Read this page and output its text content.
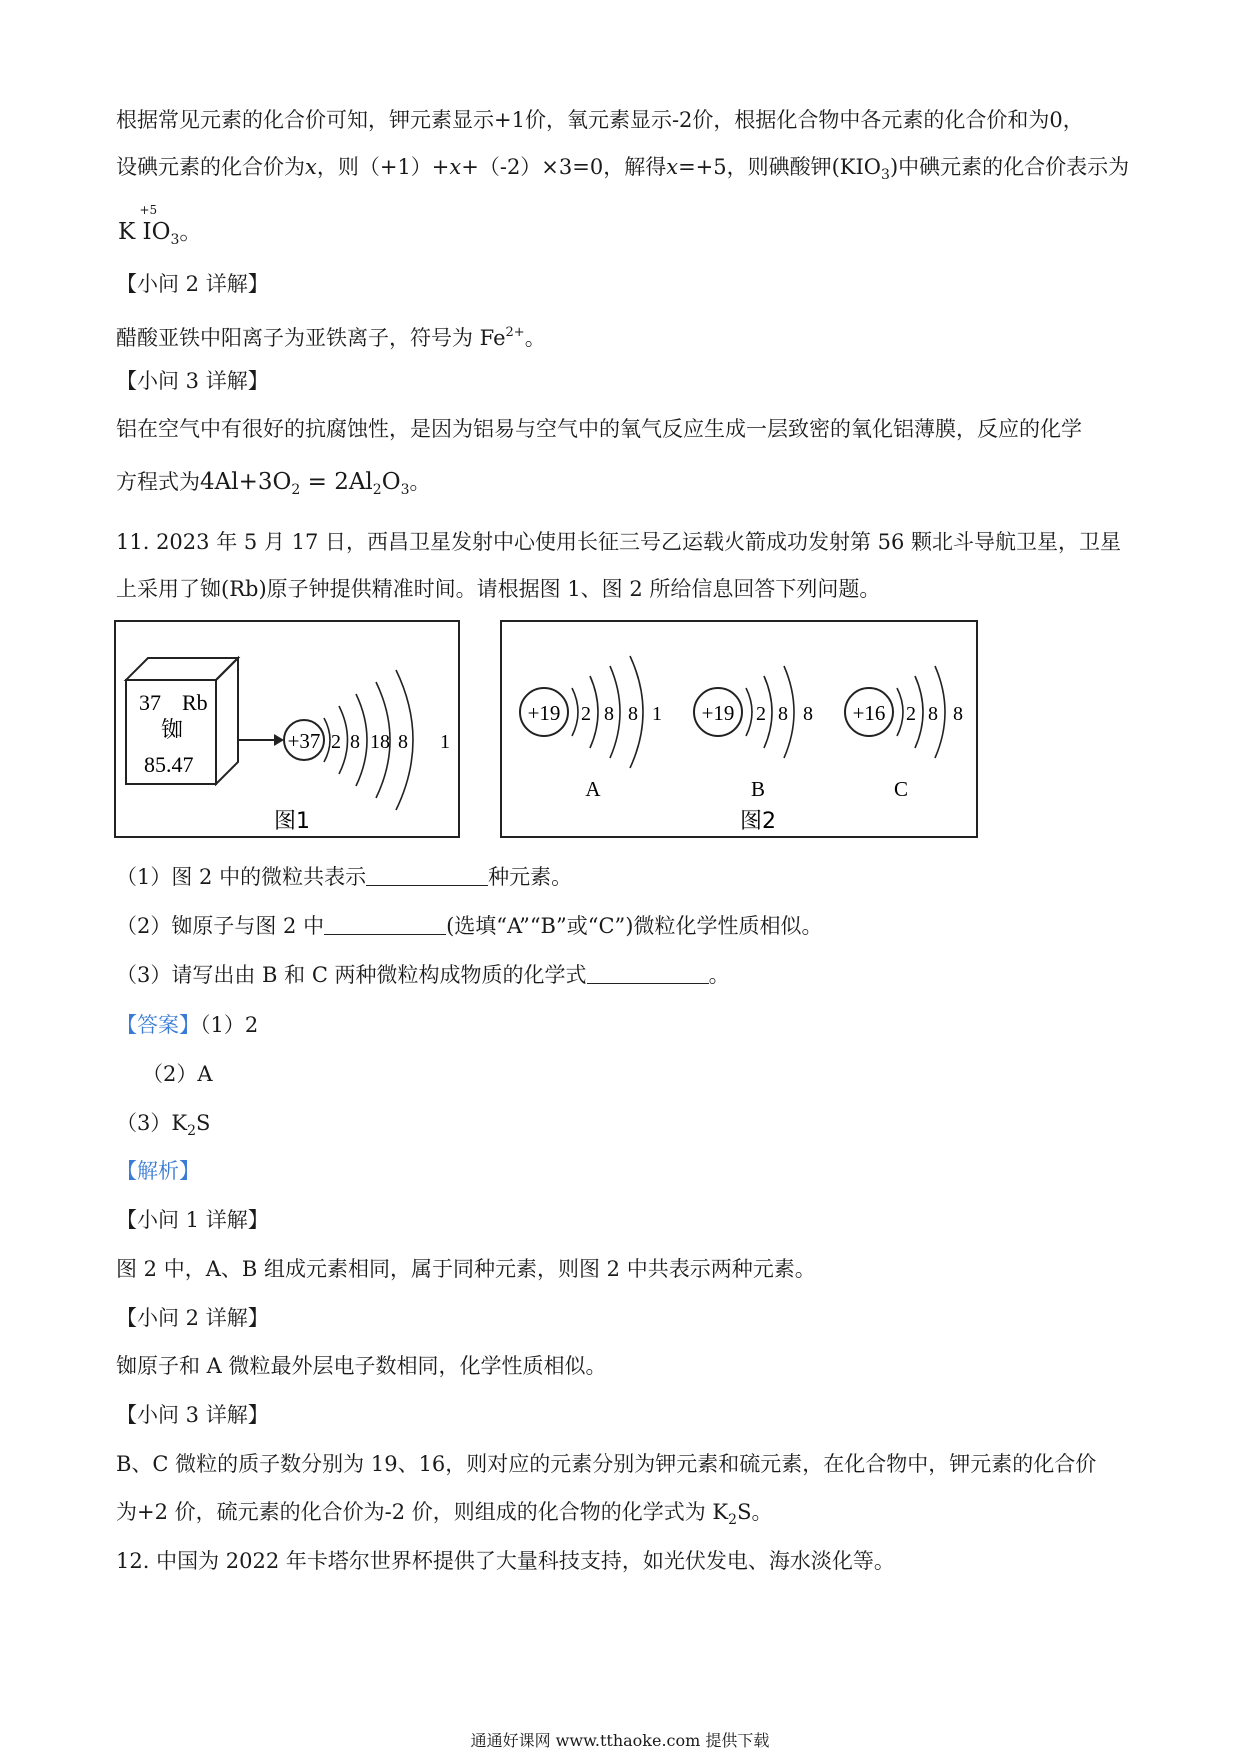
根据常见元素的化合价可知，钾元素显示+1价，氧元素显示-2价，根据化合物中各元素的化合价和为0，
设碘元素的化合价为x，则（+1）+x+（-2）×3=0，解得x=+5，则碘酸钾$(KIO_3)$中碘元素的化合价表示为
K
+5
$IO_3$。
【小问 2 详解】
醋酸亚铁中阳离子为亚铁离子，符号为 $Fe^{2+}$。
【小问 3 详解】
铝在空气中有很好的抗腐蚀性，是因为铝易与空气中的氧气反应生成一层致密的氧化铝薄膜，反应的化学
方程式为$4Al+3O_2 = 2Al_2O_3$。
11. 2023 年 5 月 17 日，西昌卫星发射中心使用长征三号乙运载火箭成功发射第 56 颗北斗导航卫星，卫星
上采用了铷(Rb)原子钟提供精准时间。请根据图 1、图 2 所给信息回答下列问题。
37 Rb
铷
85.47
+37 2 8 18 8 1
图1
+19 2 8 8 1
A
+19 2 8 8
B
+16 2 8 8
C
图2
（1）图 2 中的微粒共表示	种元素。
（2）铷原子与图 2 中	(选填“A”“B”或“C”)微粒化学性质相似。
（3）请写出由 B 和 C 两种微粒构成物质的化学式	。
【答案】（1）2
（2）A
$(3)K_2S$
【解析】
【小问 1 详解】
图 2 中，A、B 组成元素相同，属于同种元素，则图 2 中共表示两种元素。
【小问 2 详解】
铷原子和 A 微粒最外层电子数相同，化学性质相似。
【小问 3 详解】
B、C 微粒的质子数分别为 19、16，则对应的元素分别为钾元素和硫元素，在化合物中，钾元素的化合价
为+2 价，硫元素的化合价为-2 价，则组成的化合物的化学式为 $K_2S$。
12. 中国为 2022 年卡塔尔世界杯提供了大量科技支持，如光伏发电、海水淡化等。
通通好课网 www.tthaoke.com 提供下载
